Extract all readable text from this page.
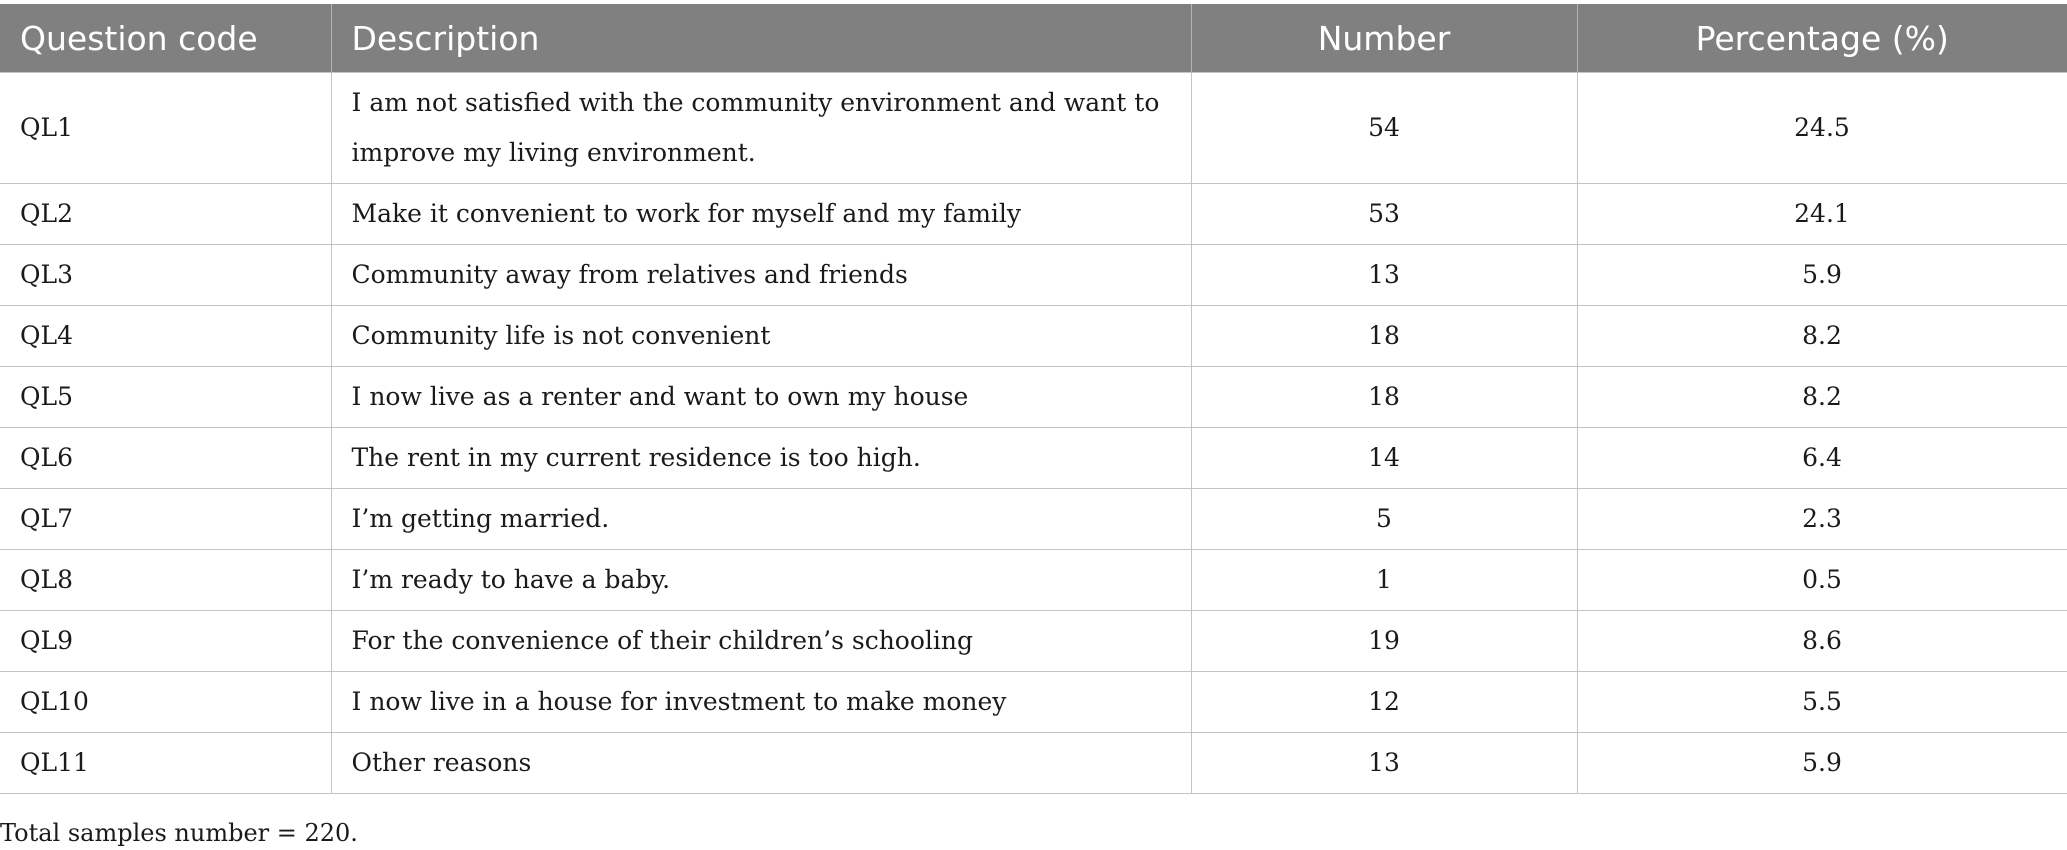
Question code	Description	Number	Percentage (%)
QL1	I am not satisfied with the community environment and want to improve my living environment.	54	24.5
QL2	Make it convenient to work for myself and my family	53	24.1
QL3	Community away from relatives and friends	13	5.9
QL4	Community life is not convenient	18	8.2
QL5	I now live as a renter and want to own my house	18	8.2
QL6	The rent in my current residence is too high.	14	6.4
QL7	I’m getting married.	5	2.3
QL8	I’m ready to have a baby.	1	0.5
QL9	For the convenience of their children’s schooling	19	8.6
QL10	I now live in a house for investment to make money	12	5.5
QL11	Other reasons	13	5.9
Total samples number = 220.
